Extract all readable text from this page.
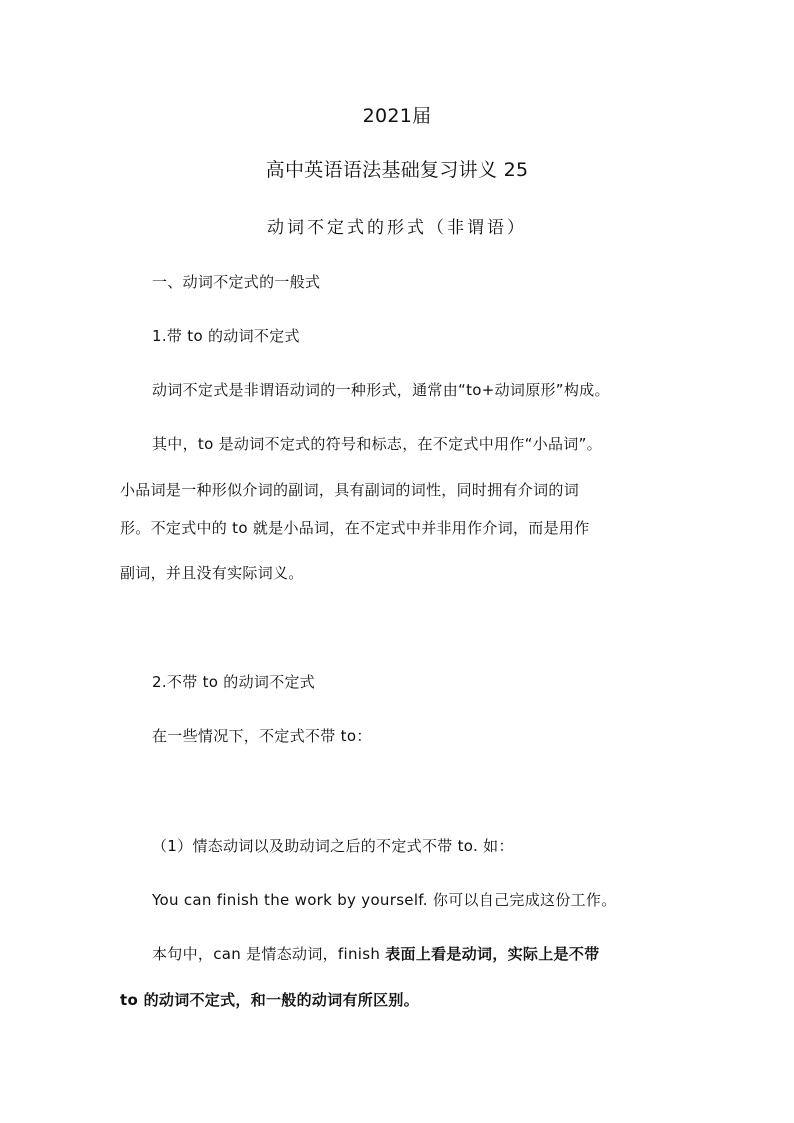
2021届
高中英语语法基础复习讲义 25
动词不定式的形式（非谓语）
一、动词不定式的一般式
1.带 to 的动词不定式
动词不定式是非谓语动词的一种形式，通常由“to+动词原形”构成。
其中，to 是动词不定式的符号和标志，在不定式中用作“小品词”。
小品词是一种形似介词的副词，具有副词的词性，同时拥有介词的词
形。不定式中的 to 就是小品词，在不定式中并非用作介词，而是用作
副词，并且没有实际词义。
2.不带 to 的动词不定式
在一些情况下，不定式不带 to：
（1）情态动词以及助动词之后的不定式不带 to. 如：
You can finish the work by yourself. 你可以自己完成这份工作。
本句中，can 是情态动词，finish 表面上看是动词，实际上是不带
to 的动词不定式，和一般的动词有所区别。
